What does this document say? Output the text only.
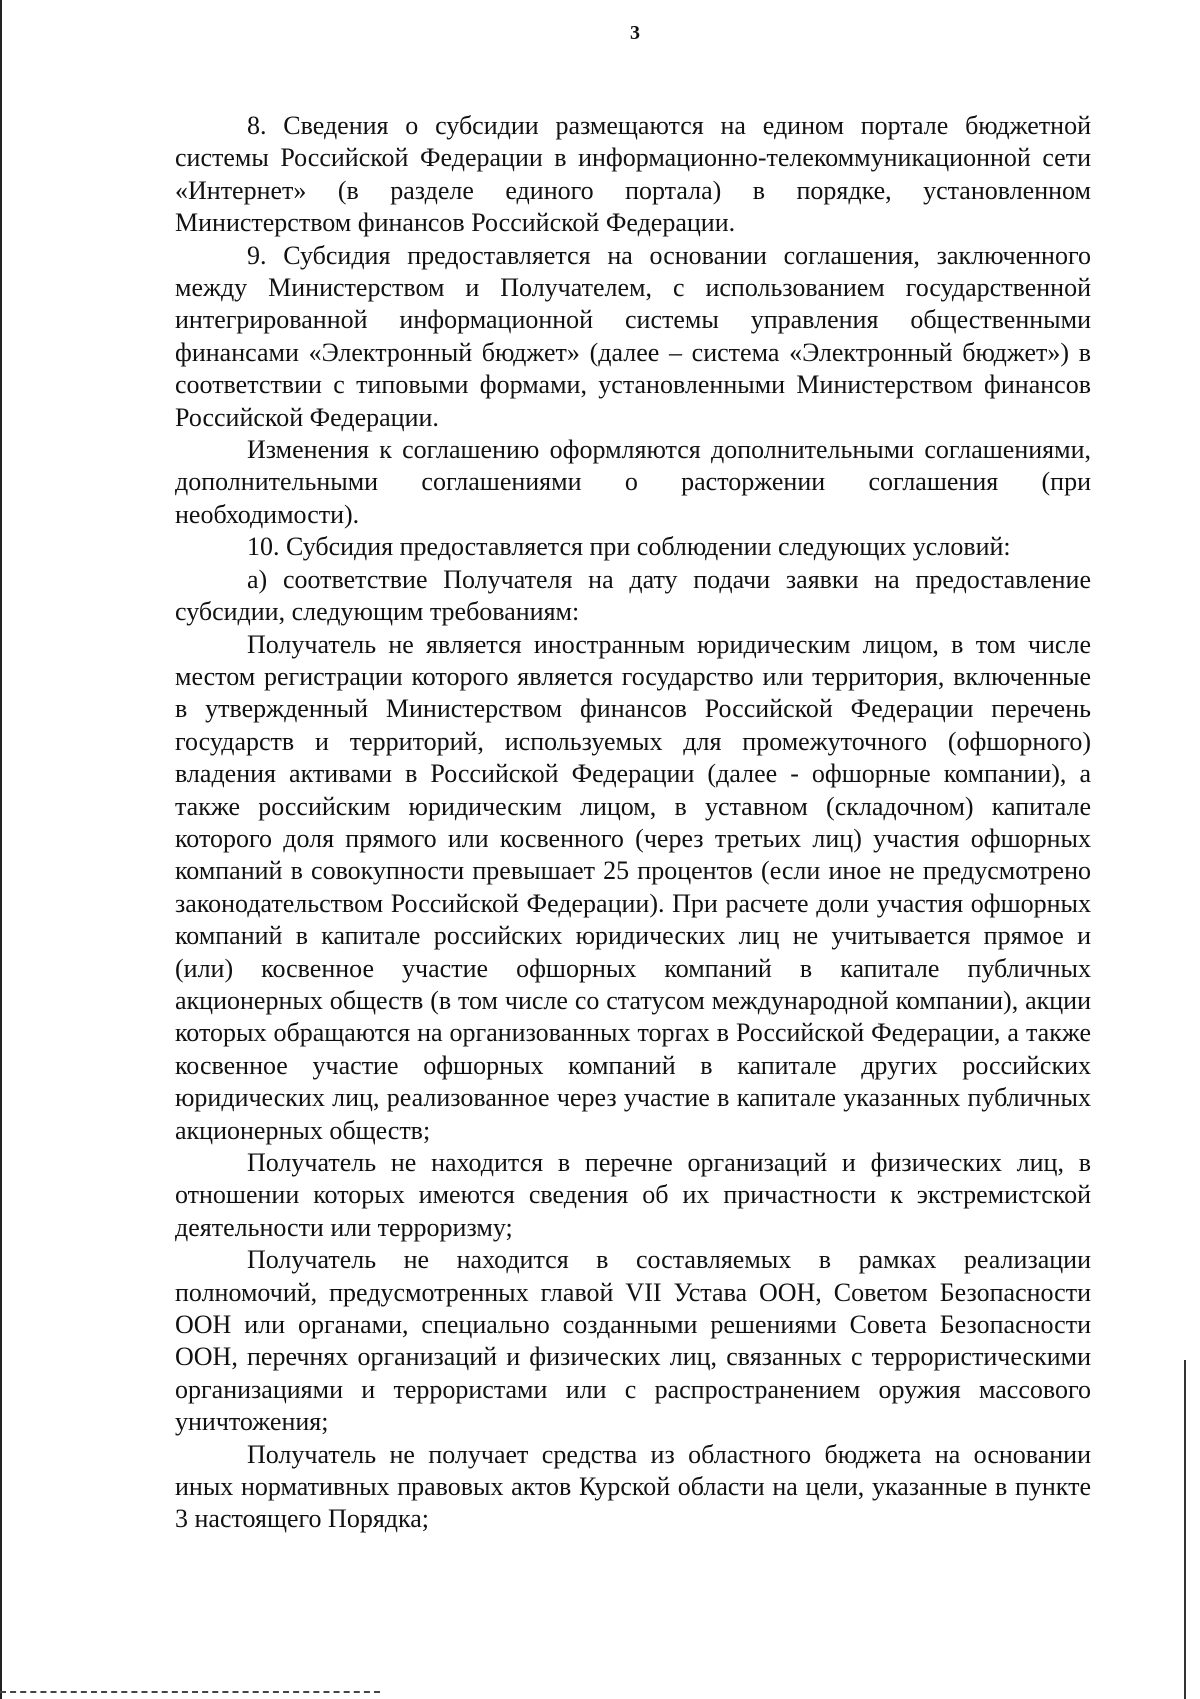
3

8. Сведения о субсидии размещаются на едином портале бюджетной системы Российской Федерации в информационно-телекоммуникационной сети «Интернет» (в разделе единого портала) в порядке, установленном Министерством финансов Российской Федерации.

9. Субсидия предоставляется на основании соглашения, заключенного между Министерством и Получателем, с использованием государственной интегрированной информационной системы управления общественными финансами «Электронный бюджет» (далее – система «Электронный бюджет») в соответствии с типовыми формами, установленными Министерством финансов Российской Федерации.

Изменения к соглашению оформляются дополнительными соглашениями, дополнительными соглашениями о расторжении соглашения (при необходимости).

10. Субсидия предоставляется при соблюдении следующих условий:

а) соответствие Получателя на дату подачи заявки на предоставление субсидии, следующим требованиям:

Получатель не является иностранным юридическим лицом, в том числе местом регистрации которого является государство или территория, включенные в утвержденный Министерством финансов Российской Федерации перечень государств и территорий, используемых для промежуточного (офшорного) владения активами в Российской Федерации (далее - офшорные компании), а также российским юридическим лицом, в уставном (складочном) капитале которого доля прямого или косвенного (через третьих лиц) участия офшорных компаний в совокупности превышает 25 процентов (если иное не предусмотрено законодательством Российской Федерации). При расчете доли участия офшорных компаний в капитале российских юридических лиц не учитывается прямое и (или) косвенное участие офшорных компаний в капитале публичных акционерных обществ (в том числе со статусом международной компании), акции которых обращаются на организованных торгах в Российской Федерации, а также косвенное участие офшорных компаний в капитале других российских юридических лиц, реализованное через участие в капитале указанных публичных акционерных обществ;

Получатель не находится в перечне организаций и физических лиц, в отношении которых имеются сведения об их причастности к экстремистской деятельности или терроризму;

Получатель не находится в составляемых в рамках реализации полномочий, предусмотренных главой VII Устава ООН, Советом Безопасности ООН или органами, специально созданными решениями Совета Безопасности ООН, перечнях организаций и физических лиц, связанных с террористическими организациями и террористами или с распространением оружия массового уничтожения;

Получатель не получает средства из областного бюджета на основании иных нормативных правовых актов Курской области на цели, указанные в пункте 3 настоящего Порядка;
